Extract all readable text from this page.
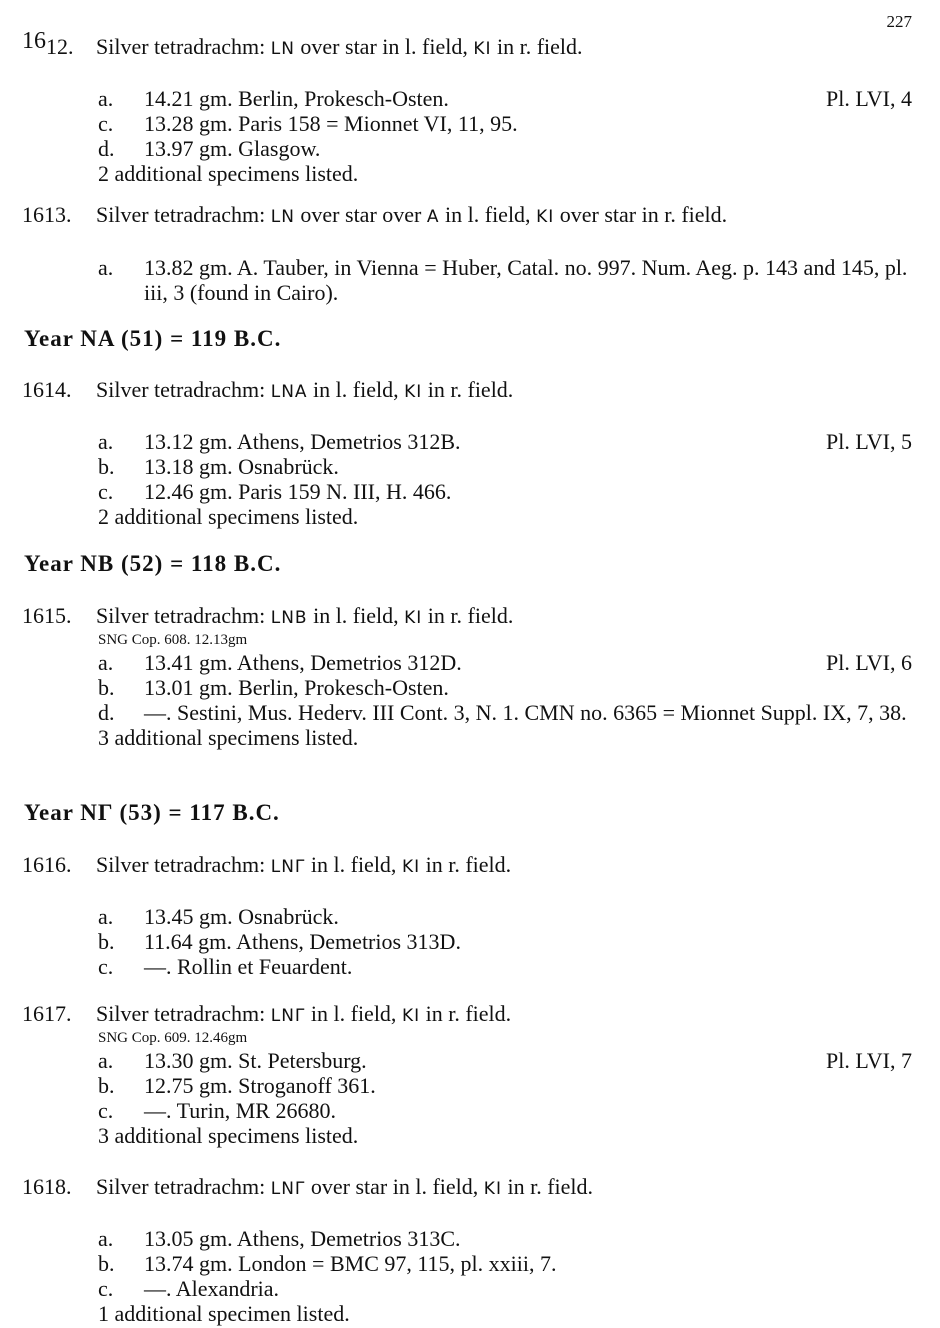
227
$^{16}$12. Silver tetradrachm: LN over star in l. field, KI in r. field.
a. 14.21 gm. Berlin, Prokesch-Osten.	Pl. LVI, 4
c. 13.28 gm. Paris 158 = Mionnet VI, 11, 95.
d. 13.97 gm. Glasgow.
2 additional specimens listed.
1613. Silver tetradrachm: LN over star over A in l. field, KI over star in r. field.
a. 13.82 gm. A. Tauber, in Vienna = Huber, Catal. no. 997. Num. Aeg. p. 143 and 145, pl. iii, 3 (found in Cairo).
Year NA (51) = 119 B.C.
1614. Silver tetradrachm: LNA in l. field, KI in r. field.
a. 13.12 gm. Athens, Demetrios 312B.	Pl. LVI, 5
b. 13.18 gm. Osnabrück.
c. 12.46 gm. Paris 159 N. III, H. 466.
2 additional specimens listed.
Year NB (52) = 118 B.C.
1615. Silver tetradrachm: LNB in l. field, KI in r. field.
SNG Cop. 608. 12.13gm
a. 13.41 gm. Athens, Demetrios 312D.	Pl. LVI, 6
b. 13.01 gm. Berlin, Prokesch-Osten.
d. —. Sestini, Mus. Hederv. III Cont. 3, N. 1. CMN no. 6365 = Mionnet Suppl. IX, 7, 38.
3 additional specimens listed.
Year NΓ (53) = 117 B.C.
1616. Silver tetradrachm: LNΓ in l. field, KI in r. field.
a. 13.45 gm. Osnabrück.
b. 11.64 gm. Athens, Demetrios 313D.
c. —. Rollin et Feuardent.
1617. Silver tetradrachm: LNΓ in l. field, KI in r. field.
SNG Cop. 609. 12.46gm
a. 13.30 gm. St. Petersburg.	Pl. LVI, 7
b. 12.75 gm. Stroganoff 361.
c. —. Turin, MR 26680.
3 additional specimens listed.
1618. Silver tetradrachm: LNΓ over star in l. field, KI in r. field.
a. 13.05 gm. Athens, Demetrios 313C.
b. 13.74 gm. London = BMC 97, 115, pl. xxiii, 7.
c. —. Alexandria.
1 additional specimen listed.
